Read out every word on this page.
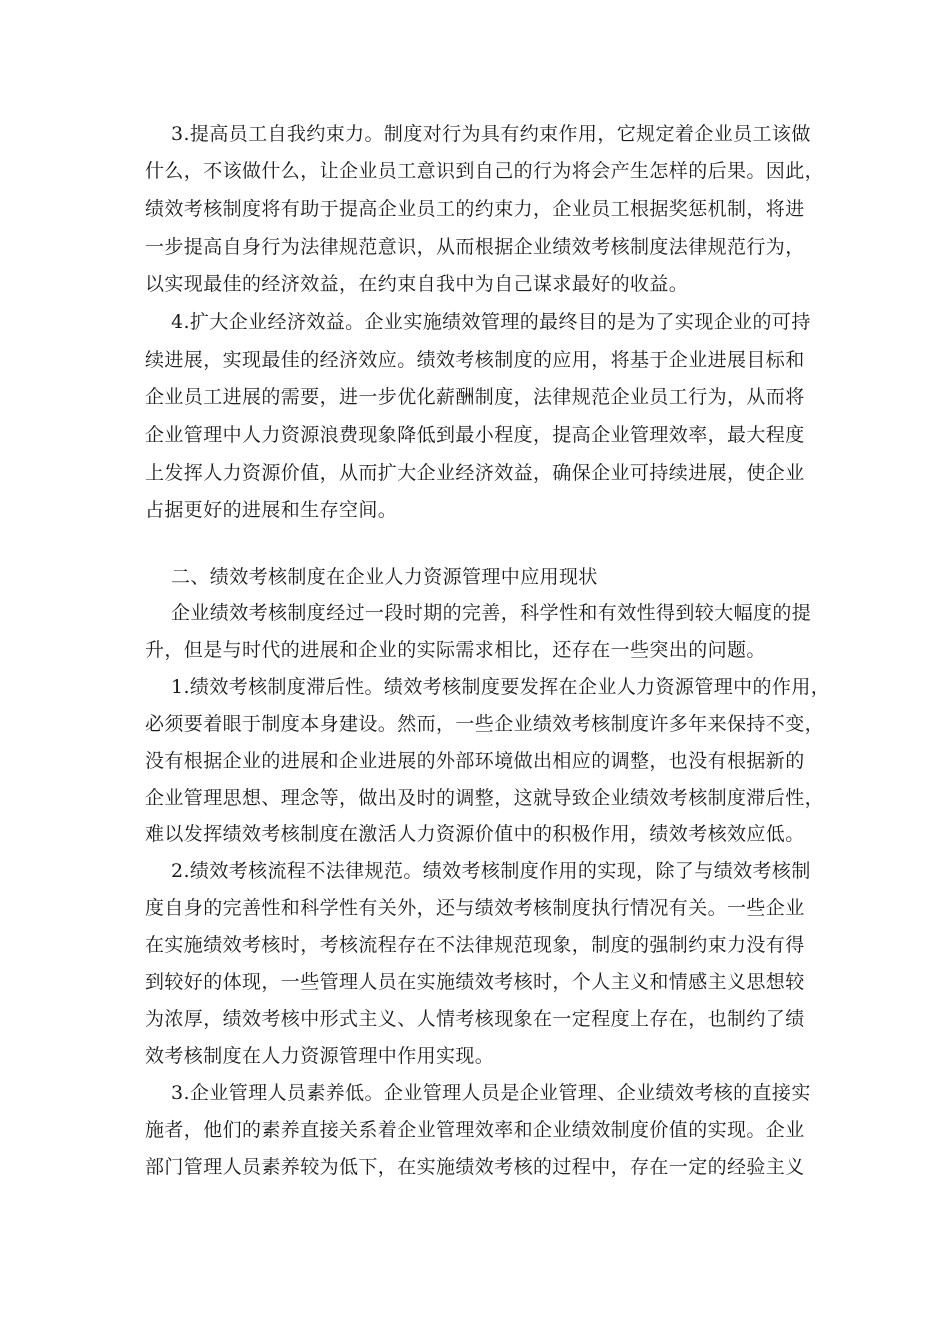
3.提高员工自我约束力。制度对行为具有约束作用，它规定着企业员工该做
什么，不该做什么，让企业员工意识到自己的行为将会产生怎样的后果。因此，
绩效考核制度将有助于提高企业员工的约束力，企业员工根据奖惩机制，将进
一步提高自身行为法律规范意识，从而根据企业绩效考核制度法律规范行为，
以实现最佳的经济效益，在约束自我中为自己谋求最好的收益。
4.扩大企业经济效益。企业实施绩效管理的最终目的是为了实现企业的可持
续进展，实现最佳的经济效应。绩效考核制度的应用，将基于企业进展目标和
企业员工进展的需要，进一步优化薪酬制度，法律规范企业员工行为，从而将
企业管理中人力资源浪费现象降低到最小程度，提高企业管理效率，最大程度
上发挥人力资源价值，从而扩大企业经济效益，确保企业可持续进展，使企业
占据更好的进展和生存空间。
二、绩效考核制度在企业人力资源管理中应用现状
企业绩效考核制度经过一段时期的完善，科学性和有效性得到较大幅度的提
升，但是与时代的进展和企业的实际需求相比，还存在一些突出的问题。
1.绩效考核制度滞后性。绩效考核制度要发挥在企业人力资源管理中的作用，
必须要着眼于制度本身建设。然而，一些企业绩效考核制度许多年来保持不变，
没有根据企业的进展和企业进展的外部环境做出相应的调整，也没有根据新的
企业管理思想、理念等，做出及时的调整，这就导致企业绩效考核制度滞后性，
难以发挥绩效考核制度在激活人力资源价值中的积极作用，绩效考核效应低。
2.绩效考核流程不法律规范。绩效考核制度作用的实现，除了与绩效考核制
度自身的完善性和科学性有关外，还与绩效考核制度执行情况有关。一些企业
在实施绩效考核时，考核流程存在不法律规范现象，制度的强制约束力没有得
到较好的体现，一些管理人员在实施绩效考核时，个人主义和情感主义思想较
为浓厚，绩效考核中形式主义、人情考核现象在一定程度上存在，也制约了绩
效考核制度在人力资源管理中作用实现。
3.企业管理人员素养低。企业管理人员是企业管理、企业绩效考核的直接实
施者，他们的素养直接关系着企业管理效率和企业绩效制度价值的实现。企业
部门管理人员素养较为低下，在实施绩效考核的过程中，存在一定的经验主义
